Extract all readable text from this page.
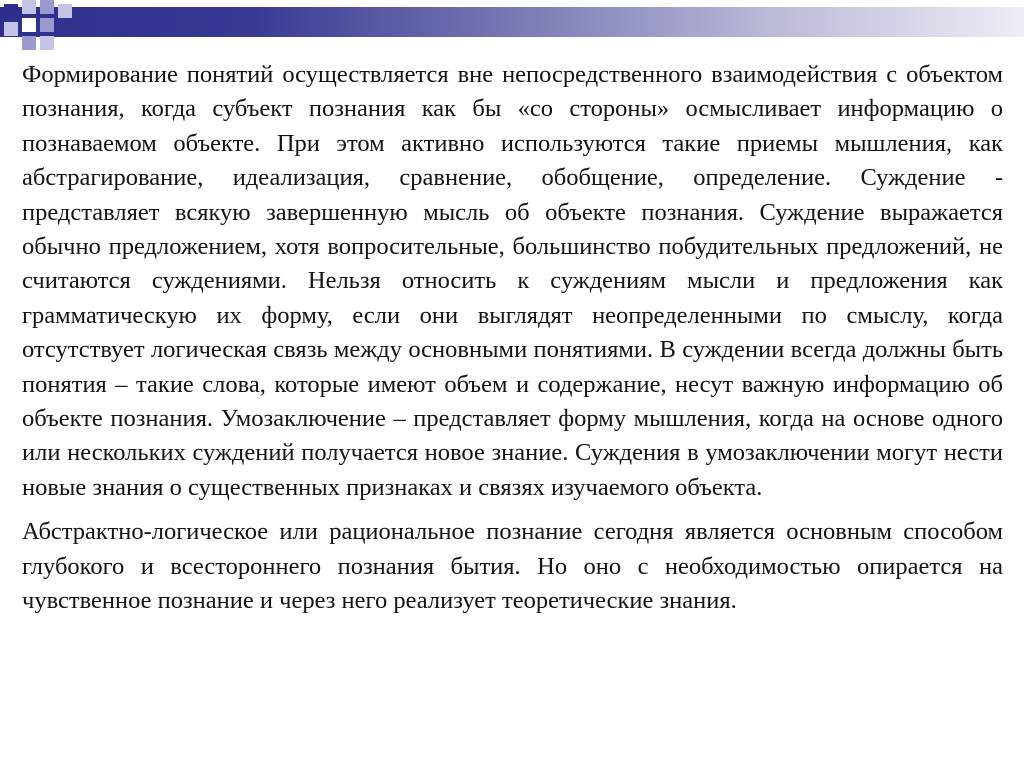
Формирование понятий осуществляется вне непосредственного взаимодействия с объектом познания, когда субъект познания как бы «со стороны» осмысливает информацию о познаваемом объекте. При этом активно используются такие приемы мышления, как абстрагирование, идеализация, сравнение, обобщение, определение. Суждение - представляет всякую завершенную мысль об объекте познания. Суждение выражается обычно предложением, хотя вопросительные, большинство побудительных предложений, не считаются суждениями. Нельзя относить к суждениям мысли и предложения как грамматическую их форму, если они выглядят неопределенными по смыслу, когда отсутствует логическая связь между основными понятиями. В суждении всегда должны быть понятия – такие слова, которые имеют объем и содержание, несут важную информацию об объекте познания. Умозаключение – представляет форму мышления, когда на основе одного или нескольких суждений получается новое знание. Суждения в умозаключении могут нести новые знания о существенных признаках и связях изучаемого объекта.

Абстрактно-логическое или рациональное познание сегодня является основным способом глубокого и всестороннего познания бытия. Но оно с необходимостью опирается на чувственное познание и через него реализует теоретические знания.
